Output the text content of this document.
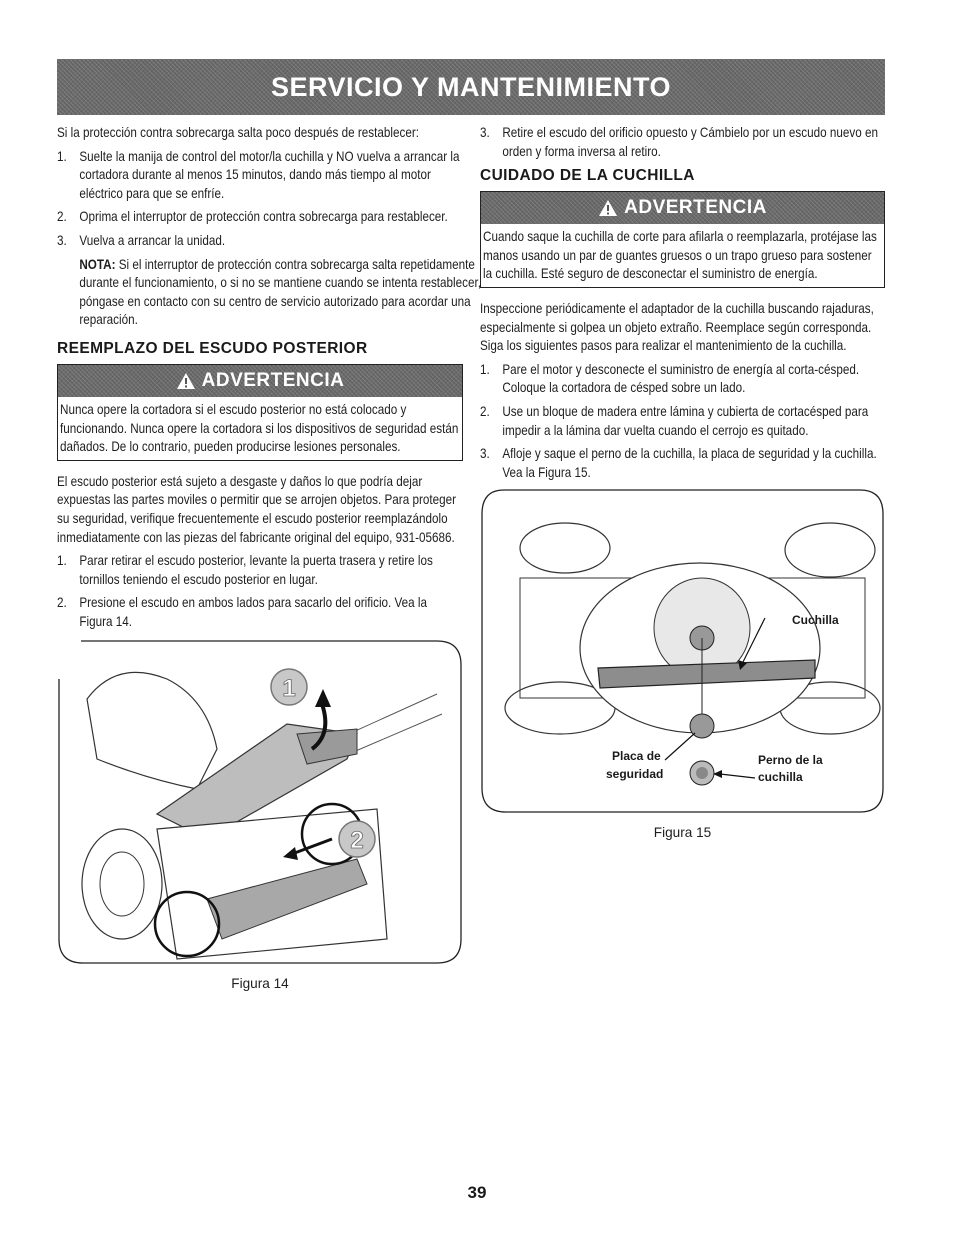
SERVICIO Y MANTENIMIENTO

Si la protección contra sobrecarga salta poco después de restablecer:

1. Suelte la manija de control del motor/la cuchilla y NO vuelva a arrancar la cortadora durante al menos 15 minutos, dando más tiempo al motor eléctrico para que se enfríe.
2. Oprima el interruptor de protección contra sobrecarga para restablecer.
3. Vuelva a arrancar la unidad.

NOTA: Si el interruptor de protección contra sobrecarga salta repetidamente durante el funcionamiento, o si no se mantiene cuando se intenta restablecer, póngase en contacto con su centro de servicio autorizado para acordar una reparación.

REEMPLAZO DEL ESCUDO POSTERIOR
ADVERTENCIA

Nunca opere la cortadora si el escudo posterior no está colocado y funcionando. Nunca opere la cortadora si los dispositivos de seguridad están dañados. De lo contrario, pueden producirse lesiones personales.

El escudo posterior está sujeto a desgaste y daños lo que podría dejar expuestas las partes moviles o permitir que se arrojen objetos. Para proteger su seguridad, verifique frecuentemente el escudo posterior reemplazándolo inmediatamente con las piezas del fabricante original del equipo, 931-05686.

1. Parar retirar el escudo posterior, levante la puerta trasera y retire los tornillos teniendo el escudo posterior en lugar.
2. Presione el escudo en ambos lados para sacarlo del orificio. Vea la Figura 14.
1
2
Figura 14
3. Retire el escudo del orificio opuesto y Cámbielo por un escudo nuevo en orden y forma inversa al retiro.
CUIDADO DE LA CUCHILLA
ADVERTENCIA

Cuando saque la cuchilla de corte para afilarla o reemplazarla, protéjase las manos usando un par de guantes gruesos o un trapo grueso para sostener la cuchilla. Esté seguro de desconectar el suministro de energía.

Inspeccione periódicamente el adaptador de la cuchilla buscando rajaduras, especialmente si golpea un objeto extraño. Reemplace según corresponda. Siga los siguientes pasos para realizar el mantenimiento de la cuchilla.

1. Pare el motor y desconecte el suministro de energía al corta-césped. Coloque la cortadora de césped sobre un lado.
2. Use un bloque de madera entre lámina y cubierta de cortacésped para impedir a la lámina dar vuelta cuando el cerrojo es quitado.
3. Afloje y saque el perno de la cuchilla, la placa de seguridad y la cuchilla. Vea la Figura 15.
Cuchilla
Placa de
seguridad
Perno de la
cuchilla
Figura 15
39
